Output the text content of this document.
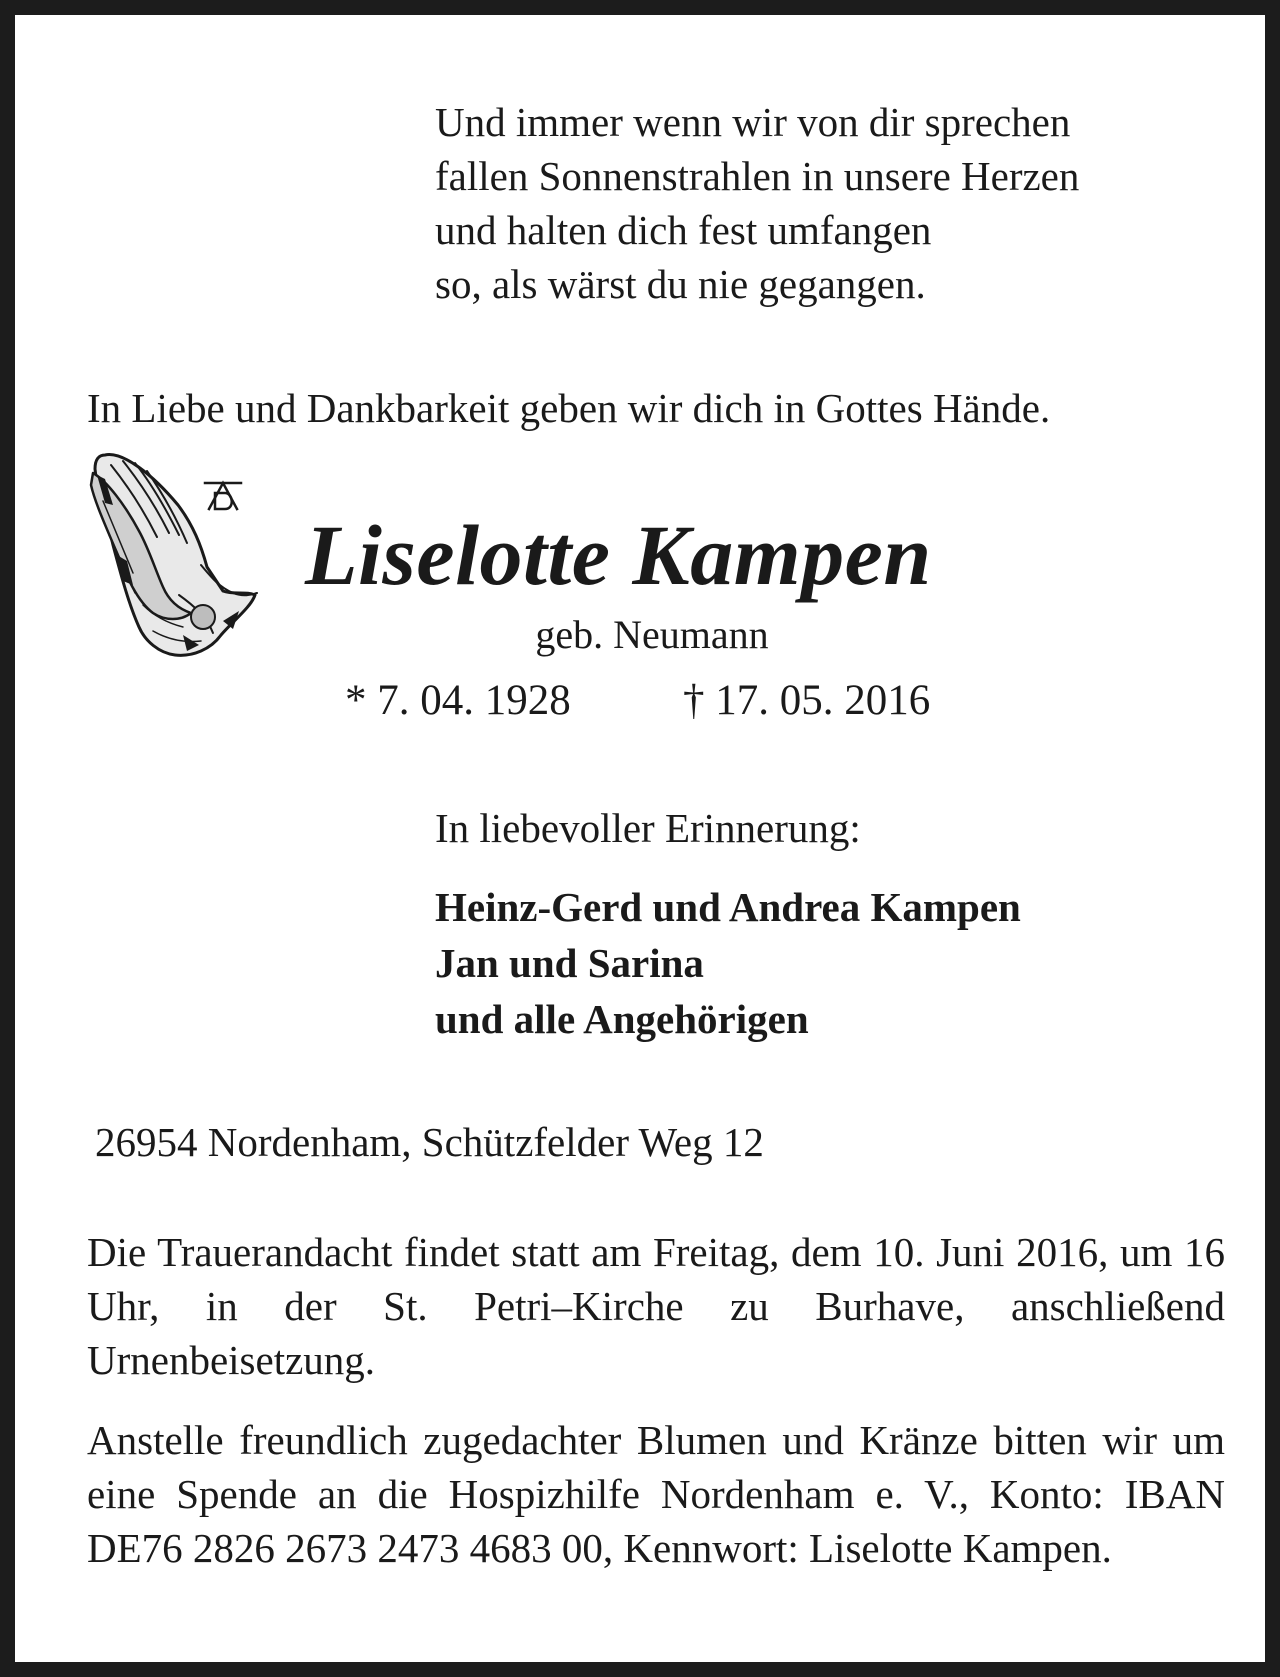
Und immer wenn wir von dir sprechen
fallen Sonnenstrahlen in unsere Herzen
und halten dich fest umfangen
so, als wärst du nie gegangen.
In Liebe und Dankbarkeit geben wir dich in Gottes Hände.
Liselotte Kampen
geb. Neumann
* 7. 04. 1928	† 17. 05. 2016
In liebevoller Erinnerung:
Heinz-Gerd und Andrea Kampen
Jan und Sarina
und alle Angehörigen
26954 Nordenham, Schützfelder Weg 12
Die Trauerandacht findet statt am Freitag, dem 10. Juni 2016, um 16 Uhr, in der St. Petri–Kirche zu Burhave, anschließend Urnenbeisetzung.
Anstelle freundlich zugedachter Blumen und Kränze bitten wir um eine Spende an die Hospizhilfe Nordenham e. V., Konto: IBAN DE76 2826 2673 2473 4683 00, Kennwort: Liselotte Kampen.
